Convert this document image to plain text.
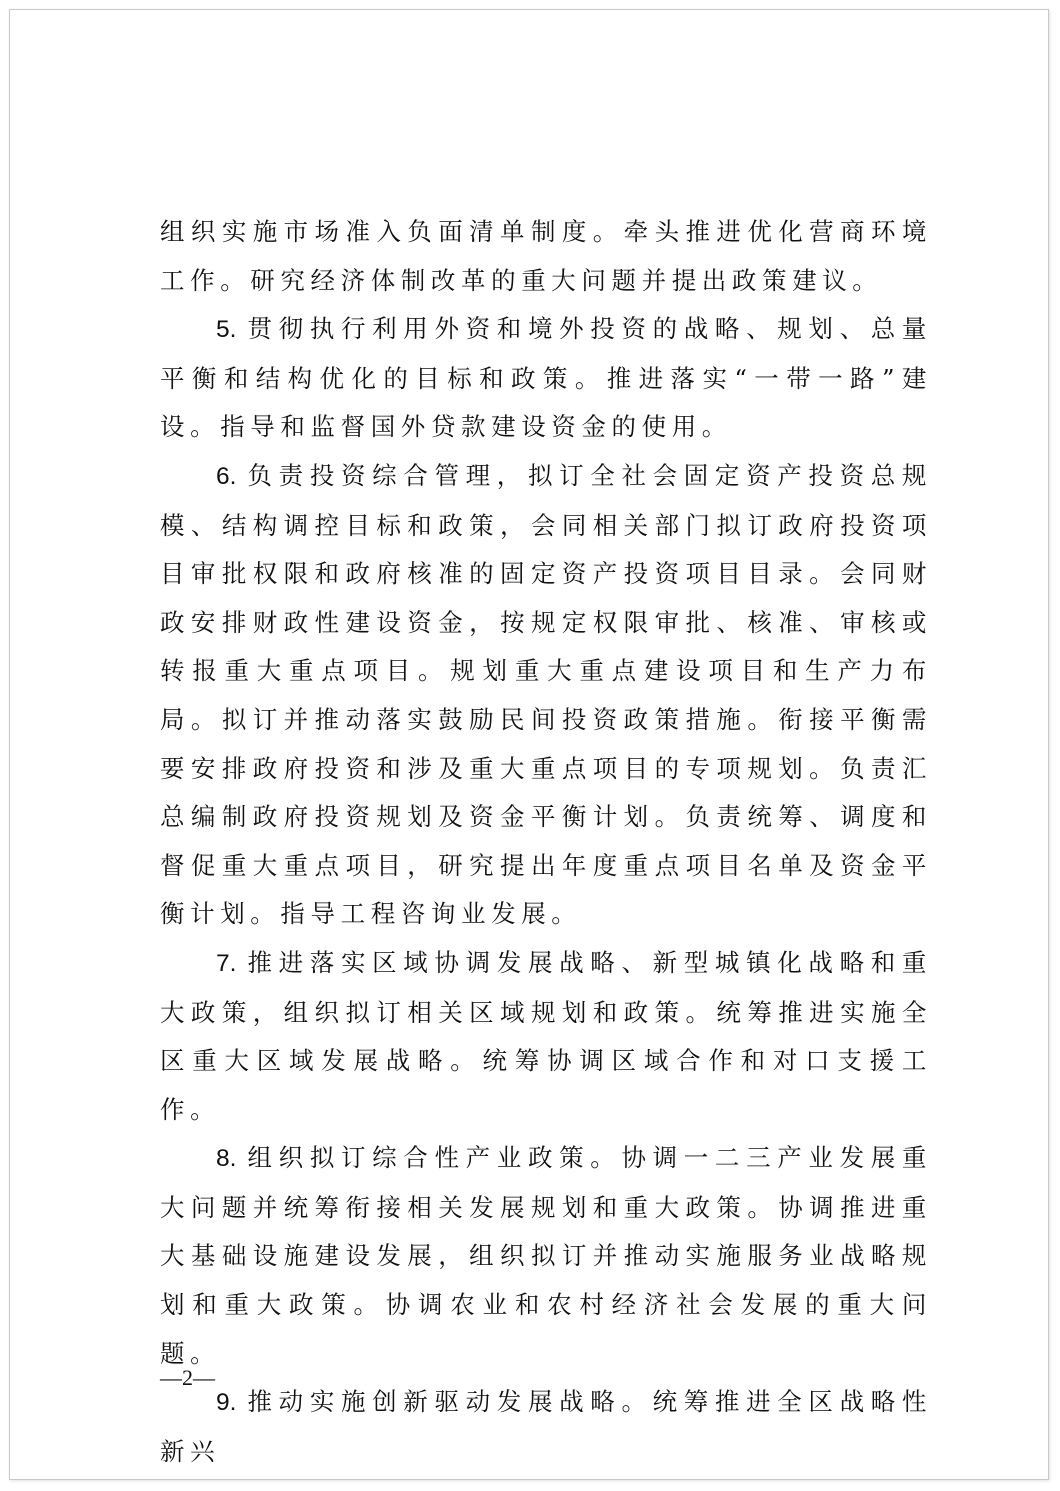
组织实施市场准入负面清单制度。牵头推进优化营商环境工作。研究经济体制改革的重大问题并提出政策建议。

5. 贯彻执行利用外资和境外投资的战略、规划、总量平衡和结构优化的目标和政策。推进落实“一带一路”建设。指导和监督国外贷款建设资金的使用。

6. 负责投资综合管理，拟订全社会固定资产投资总规模、结构调控目标和政策，会同相关部门拟订政府投资项目审批权限和政府核准的固定资产投资项目目录。会同财政安排财政性建设资金，按规定权限审批、核准、审核或转报重大重点项目。规划重大重点建设项目和生产力布局。拟订并推动落实鼓励民间投资政策措施。衔接平衡需要安排政府投资和涉及重大重点项目的专项规划。负责汇总编制政府投资规划及资金平衡计划。负责统筹、调度和督促重大重点项目，研究提出年度重点项目名单及资金平衡计划。指导工程咨询业发展。

7. 推进落实区域协调发展战略、新型城镇化战略和重大政策，组织拟订相关区域规划和政策。统筹推进实施全区重大区域发展战略。统筹协调区域合作和对口支援工作。

8. 组织拟订综合性产业政策。协调一二三产业发展重大问题并统筹衔接相关发展规划和重大政策。协调推进重大基础设施建设发展，组织拟订并推动实施服务业战略规划和重大政策。协调农业和农村经济社会发展的重大问题。

9. 推动实施创新驱动发展战略。统筹推进全区战略性新兴

—2—
